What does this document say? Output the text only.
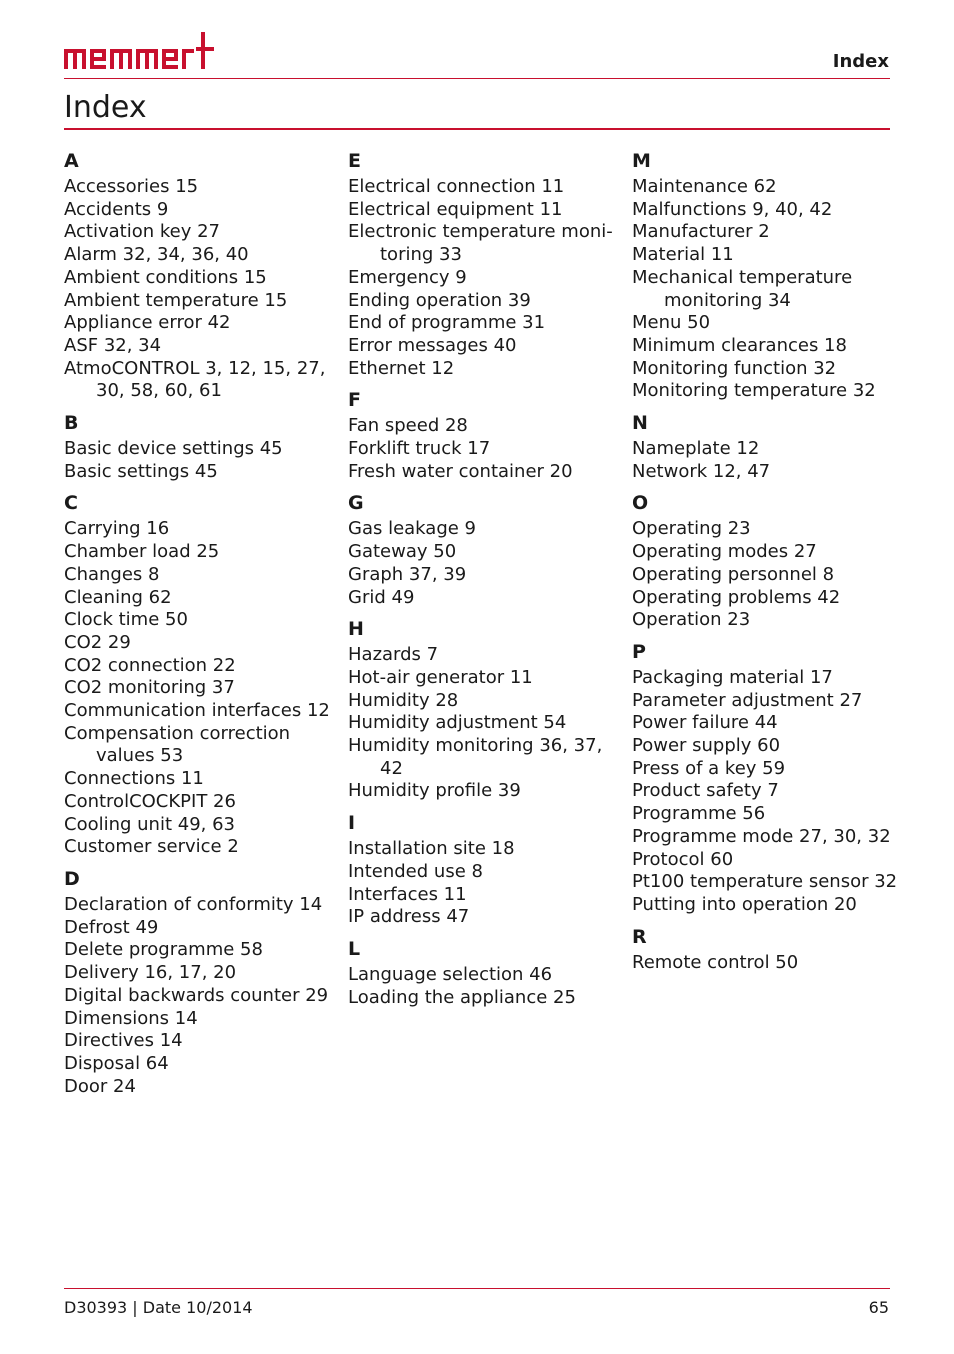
Index
Index
A
Accessories 15
Accidents 9
Activation key 27
Alarm 32, 34, 36, 40
Ambient conditions 15
Ambient temperature 15
Appliance error 42
ASF 32, 34
AtmoCONTROL 3, 12, 15, 27, 30, 58, 60, 61
B
Basic device settings 45
Basic settings 45
C
Carrying 16
Chamber load 25
Changes 8
Cleaning 62
Clock time 50
CO2 29
CO2 connection 22
CO2 monitoring 37
Communication interfaces 12
Compensation correction values 53
Connections 11
ControlCOCKPIT 26
Cooling unit 49, 63
Customer service 2
D
Declaration of conformity 14
Defrost 49
Delete programme 58
Delivery 16, 17, 20
Digital backwards counter 29
Dimensions 14
Directives 14
Disposal 64
Door 24
E
Electrical connection 11
Electrical equipment 11
Electronic temperature moni-toring 33
Emergency 9
Ending operation 39
End of programme 31
Error messages 40
Ethernet 12
F
Fan speed 28
Forklift truck 17
Fresh water container 20
G
Gas leakage 9
Gateway 50
Graph 37, 39
Grid 49
H
Hazards 7
Hot-air generator 11
Humidity 28
Humidity adjustment 54
Humidity monitoring 36, 37, 42
Humidity profile 39
I
Installation site 18
Intended use 8
Interfaces 11
IP address 47
L
Language selection 46
Loading the appliance 25
M
Maintenance 62
Malfunctions 9, 40, 42
Manufacturer 2
Material 11
Mechanical temperature monitoring 34
Menu 50
Minimum clearances 18
Monitoring function 32
Monitoring temperature 32
N
Nameplate 12
Network 12, 47
O
Operating 23
Operating modes 27
Operating personnel 8
Operating problems 42
Operation 23
P
Packaging material 17
Parameter adjustment 27
Power failure 44
Power supply 60
Press of a key 59
Product safety 7
Programme 56
Programme mode 27, 30, 32
Protocol 60
Pt100 temperature sensor 32
Putting into operation 20
R
Remote control 50
D30393 | Date 10/2014	65
